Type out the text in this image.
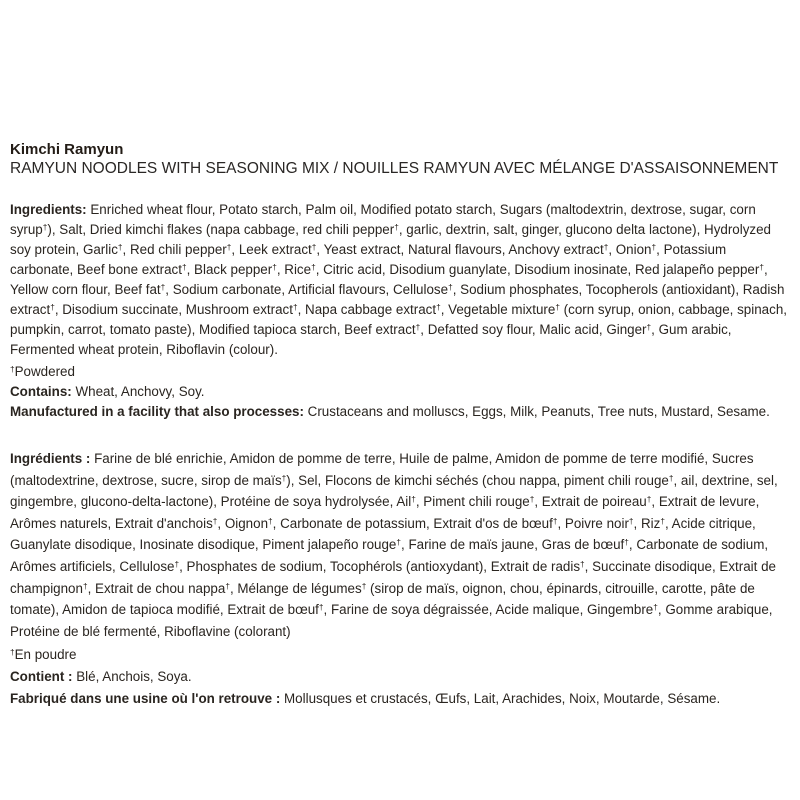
Kimchi Ramyun

RAMYUN NOODLES WITH SEASONING MIX / NOUILLES RAMYUN AVEC MÉLANGE D'ASSAISONNEMENT

Ingredients: Enriched wheat flour, Potato starch, Palm oil, Modified potato starch, Sugars (maltodextrin, dextrose, sugar, corn syrup†), Salt, Dried kimchi flakes (napa cabbage, red chili pepper†, garlic, dextrin, salt, ginger, glucono delta lactone), Hydrolyzed soy protein, Garlic†, Red chili pepper†, Leek extract†, Yeast extract, Natural flavours, Anchovy extract†, Onion†, Potassium carbonate, Beef bone extract†, Black pepper†, Rice†, Citric acid, Disodium guanylate, Disodium inosinate, Red jalapeño pepper†, Yellow corn flour, Beef fat†, Sodium carbonate, Artificial flavours, Cellulose†, Sodium phosphates, Tocopherols (antioxidant), Radish extract†, Disodium succinate, Mushroom extract†, Napa cabbage extract†, Vegetable mixture† (corn syrup, onion, cabbage, spinach, pumpkin, carrot, tomato paste), Modified tapioca starch, Beef extract†, Defatted soy flour, Malic acid, Ginger†, Gum arabic, Fermented wheat protein, Riboflavin (colour).

†Powdered

Contains: Wheat, Anchovy, Soy.

Manufactured in a facility that also processes: Crustaceans and molluscs, Eggs, Milk, Peanuts, Tree nuts, Mustard, Sesame.

Ingrédients : Farine de blé enrichie, Amidon de pomme de terre, Huile de palme, Amidon de pomme de terre modifié, Sucres (maltodextrine, dextrose, sucre, sirop de maïs†), Sel, Flocons de kimchi séchés (chou nappa, piment chili rouge†, ail, dextrine, sel, gingembre, glucono-delta-lactone), Protéine de soya hydrolysée, Ail†, Piment chili rouge†, Extrait de poireau†, Extrait de levure, Arômes naturels, Extrait d'anchois†, Oignon†, Carbonate de potassium, Extrait d'os de bœuf†, Poivre noir†, Riz†, Acide citrique, Guanylate disodique, Inosinate disodique, Piment jalapeño rouge†, Farine de maïs jaune, Gras de bœuf†, Carbonate de sodium, Arômes artificiels, Cellulose†, Phosphates de sodium, Tocophérols (antioxydant), Extrait de radis†, Succinate disodique, Extrait de champignon†, Extrait de chou nappa†, Mélange de légumes† (sirop de maïs, oignon, chou, épinards, citrouille, carotte, pâte de tomate), Amidon de tapioca modifié, Extrait de bœuf†, Farine de soya dégraissée, Acide malique, Gingembre†, Gomme arabique, Protéine de blé fermenté, Riboflavine (colorant)

†En poudre

Contient : Blé, Anchois, Soya.

Fabriqué dans une usine où l'on retrouve : Mollusques et crustacés, Œufs, Lait, Arachides, Noix, Moutarde, Sésame.
